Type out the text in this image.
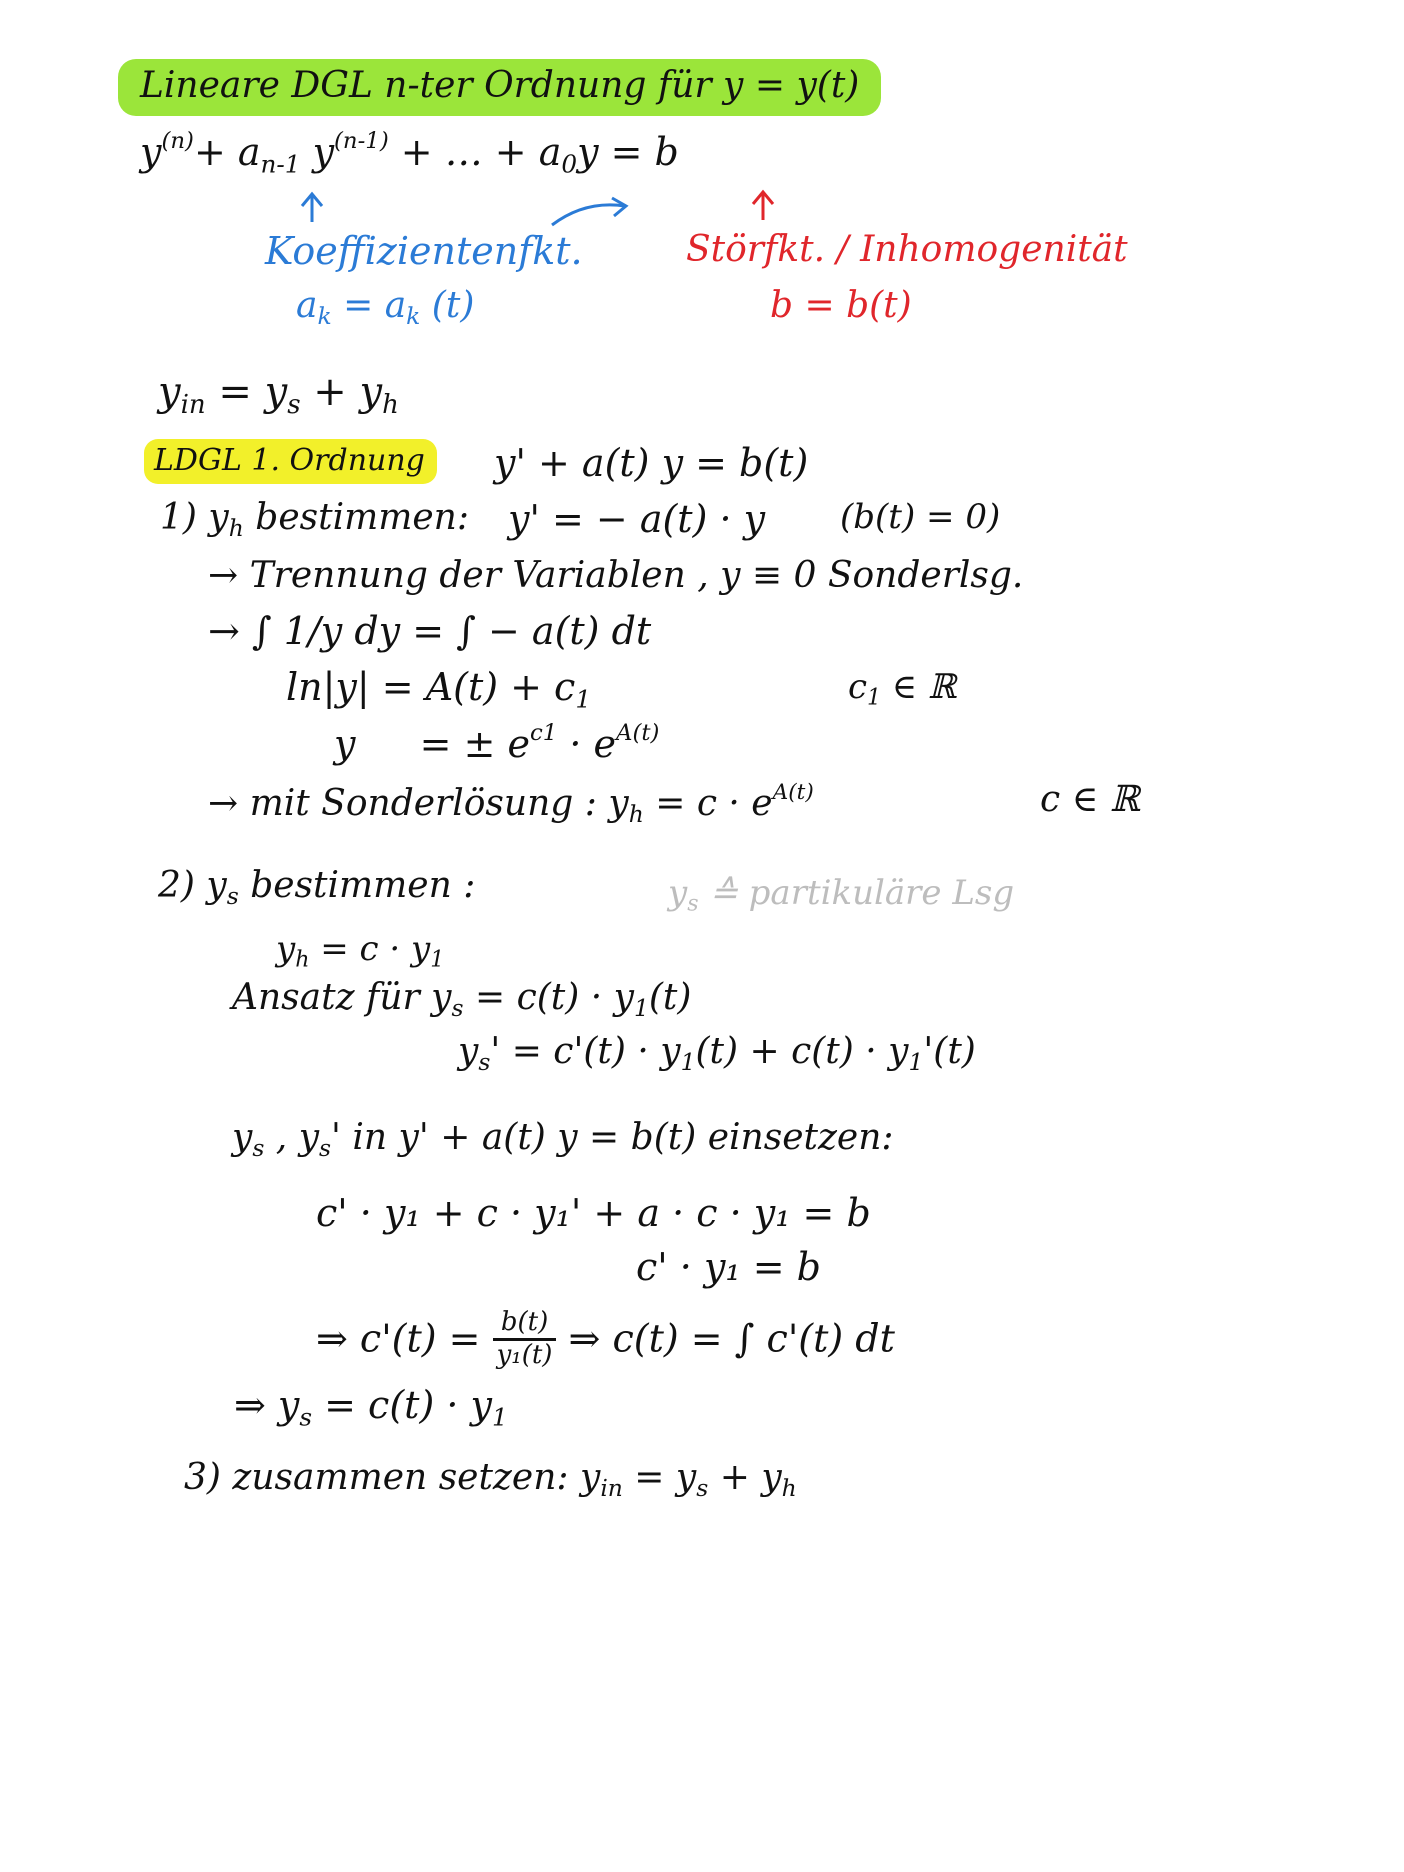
Lineare DGL n-ter Ordnung für y = y(t)
$y^{(n)}+ a_{n-1}$ $y^{(n-1)}$ + … + $a_0y = b$
Koeffizientenfkt.
$a_k = a_k$ (t)
Störfkt. / Inhomogenität
b = b(t)
$y_{in} = y_s + y_h$
LDGL 1. Ordnung	y' + a(t) y = b(t)
1) $y_h$ bestimmen: y' = − a(t) · y (b(t) = 0)
→ Trennung der Variablen , y ≡ 0 Sonderlsg.
→ ∫ 1/y dy = ∫ − a(t) dt
$\ln|y| = A(t) + c_1$	$c_1$ ∈ ℝ
y = ± $e^{c1} \cdot e^{A(t)}$
→ mit Sonderlösung : $y_h = c \cdot e^{A(t)}$	c ∈ ℝ
2) $y_s$ bestimmen :	$y_s$ ≙ partikuläre Lsg
$y_h = c \cdot y_1$
Ansatz für $y_s = c(t) \cdot y_1(t)$
$y_s' = c'(t) \cdot y_1(t) + c(t) \cdot y_1'(t)$
$y_s$ , $y_s'$ in y' + a(t) y = b(t) einsetzen:
c' · y₁ + c · y₁' + a · c · y₁ = b
c' · y₁ = b
⇒ $c'(t) = \frac{b(t)}{\text{y₁(t)}}$ ⇒ c(t) = ∫ c'(t) dt
⇒ $y_s = c(t) \cdot y_1$
3) zusammen setzen: $y_{in} = y_s + y_h$
